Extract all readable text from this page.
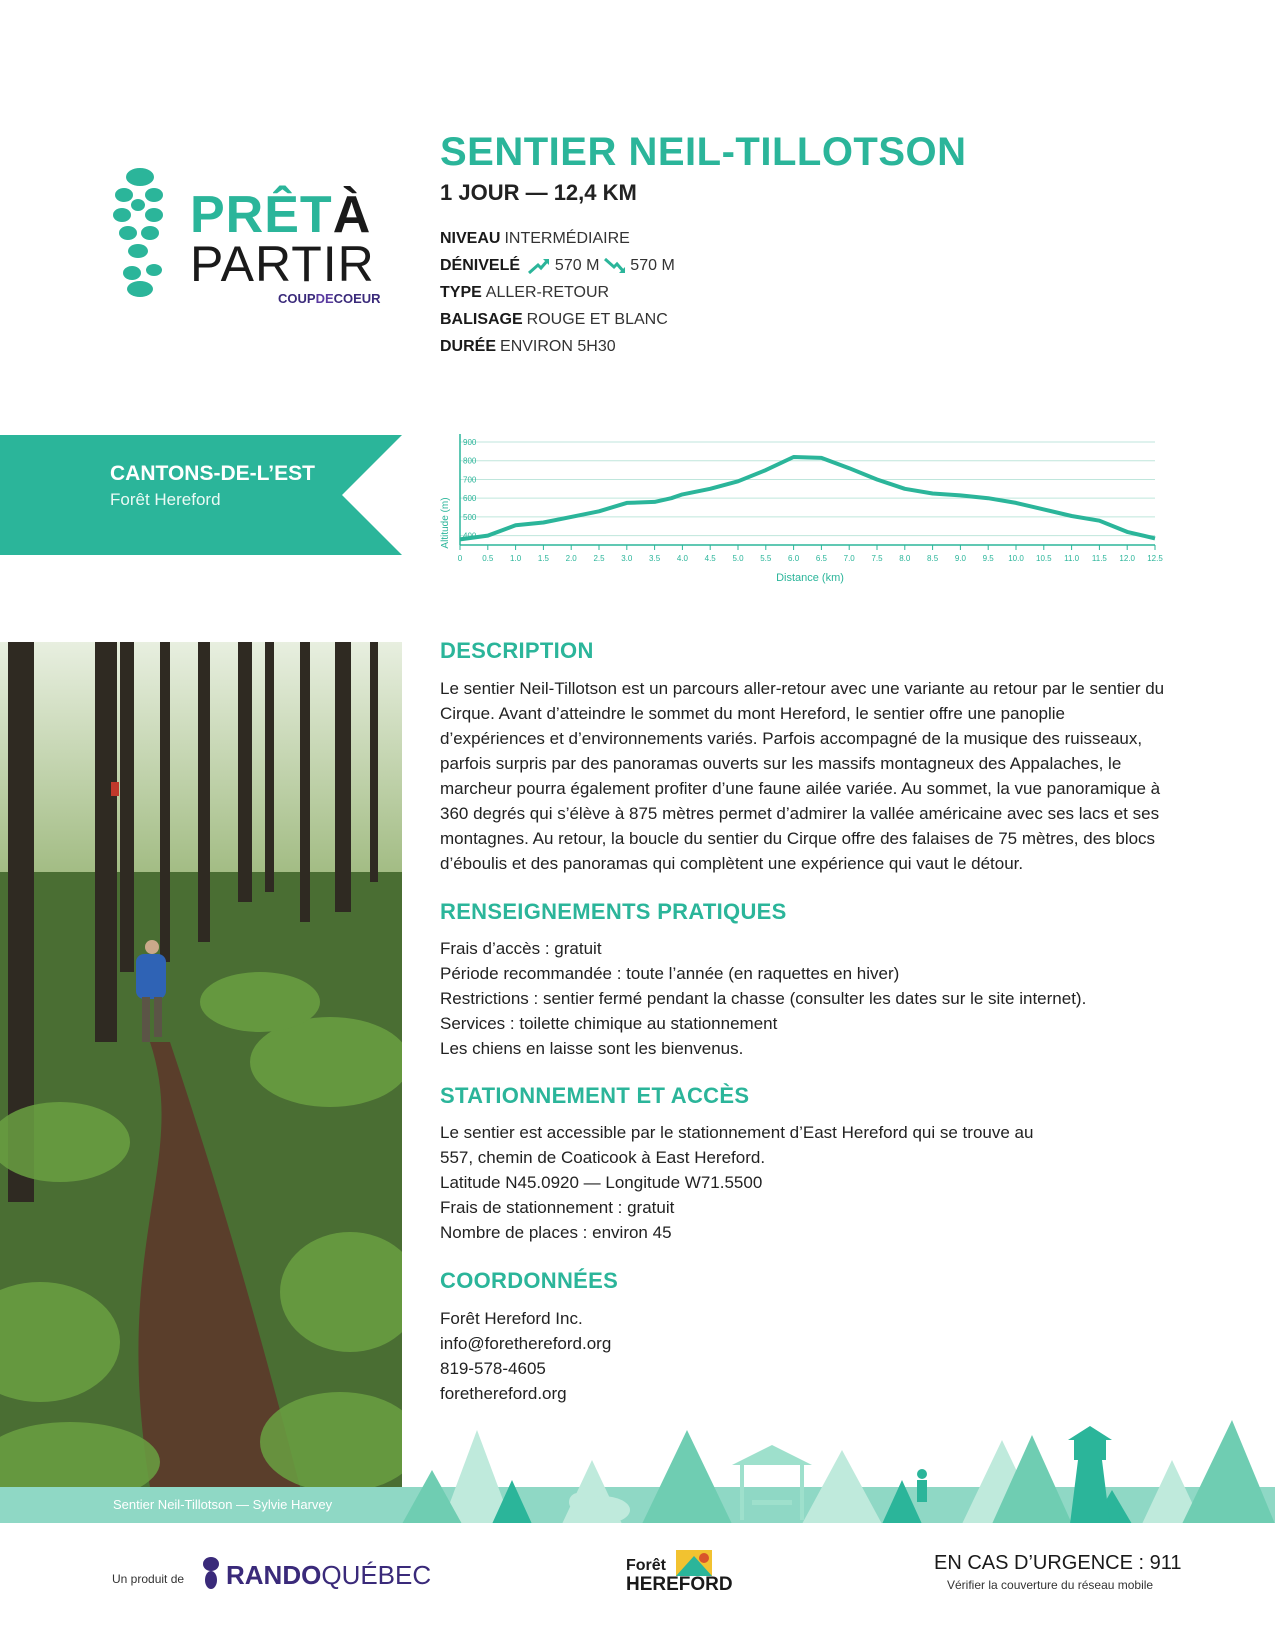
PRÊTÀ
PARTIR
COUPDECOEUR
SENTIER NEIL-TILLOTSON
1 JOUR — 12,4 KM
NIVEAU INTERMÉDIAIRE
DÉNIVELÉ 570 M 570 M
TYPE ALLER-RETOUR
BALISAGE ROUGE ET BLANC
DURÉE ENVIRON 5H30
CANTONS-DE-L’EST
Forêt Hereford
900
800
700
600
500
400
0	0.5 1.0 1.5 2.0 2.5 3.0 3.5 4.0 4.5 5.0 5.5 6.0 6.5 7.0 7.5 8.0 8.5 9.0 9.5 10.0 10.5 11.0 11.5 12.0 12.5
Altitude (m)
Distance (km)
Sentier Neil-Tillotson — Sylvie Harvey
DESCRIPTION
Le sentier Neil-Tillotson est un parcours aller-retour avec une variante au retour par le sentier du Cirque. Avant d’atteindre le sommet du mont Hereford, le sentier offre une panoplie d’expériences et d’environnements variés. Parfois accompagné de la musique des ruisseaux, parfois surpris par des panoramas ouverts sur les massifs montagneux des Appalaches, le marcheur pourra également profiter d’une faune ailée variée. Au sommet, la vue panoramique à 360 degrés qui s’élève à 875 mètres permet d’admirer la vallée américaine avec ses lacs et ses montagnes. Au retour, la boucle du sentier du Cirque offre des falaises de 75 mètres, des blocs d’éboulis et des panoramas qui complètent une expérience qui vaut le détour.
RENSEIGNEMENTS PRATIQUES
Frais d’accès : gratuit
Période recommandée : toute l’année (en raquettes en hiver)
Restrictions : sentier fermé pendant la chasse (consulter les dates sur le site internet).
Services : toilette chimique au stationnement
Les chiens en laisse sont les bienvenus.
STATIONNEMENT ET ACCÈS
Le sentier est accessible par le stationnement d’East Hereford qui se trouve au
557, chemin de Coaticook à East Hereford.
Latitude N45.0920 — Longitude W71.5500
Frais de stationnement : gratuit
Nombre de places : environ 45
COORDONNÉES
Forêt Hereford Inc.
info@forethereford.org
819-578-4605
forethereford.org
Un produit de RANDOQUÉBEC	Forêt
HEREFORD
EN CAS D’URGENCE : 911
Vérifier la couverture du réseau mobile
